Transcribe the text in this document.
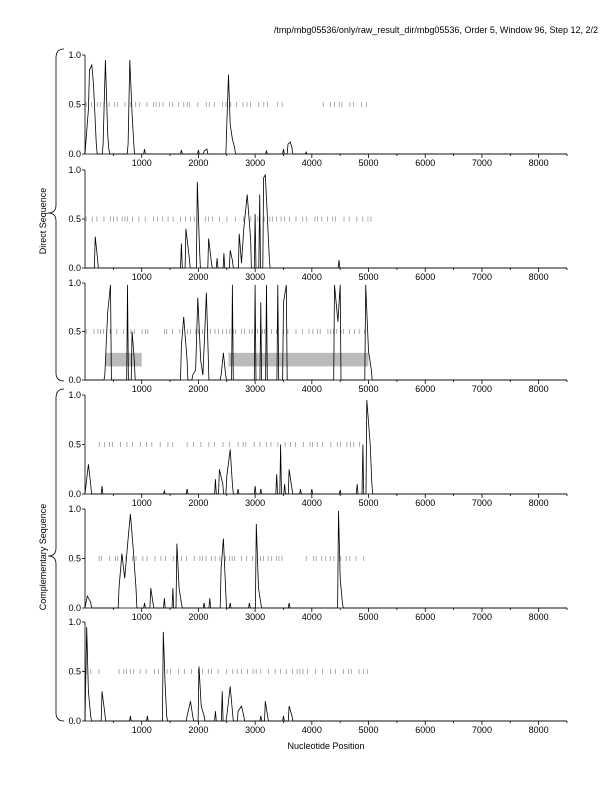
/tmp/mbg05536/only/raw_result_dir/mbg05536, Order 5, Window 96, Step 12, 2/2
0.0
0.5
1.0
1000	2000	3000	4000	5000	6000	7000	8000
0.0
0.5
1.0
1000	2000	3000	4000	5000	6000	7000	8000
0.0
0.5
1.0
1000	2000	3000	4000	5000	6000	7000	8000
0.0
0.5
1.0
1000	2000	3000	4000	5000	6000	7000	8000
0.0
0.5
1.0
1000	2000	3000	4000	5000	6000	7000	8000
0.0
0.5
1.0
1000	2000	3000	4000	5000	6000	7000	8000
Direct Sequence
Complementary Sequence
Nucleotide Position
